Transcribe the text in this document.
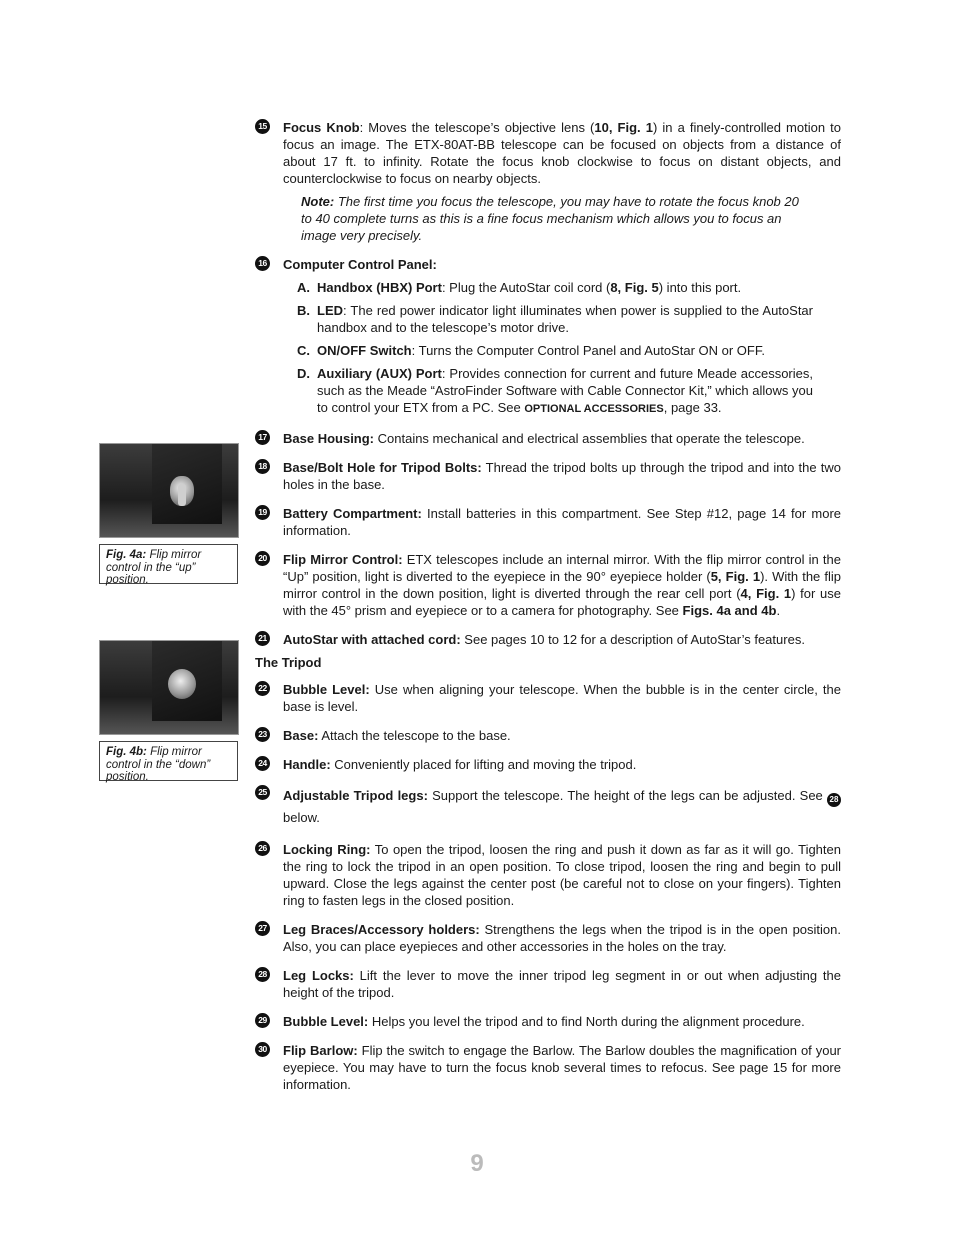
Fig. 4a: Flip mirror control in the “up” position.
Fig. 4b: Flip mirror control in the “down” position.
15 Focus Knob: Moves the telescope’s objective lens (10, Fig. 1) in a finely-controlled motion to focus an image. The ETX-80AT-BB telescope can be focused on objects from a distance of about 17 ft. to infinity. Rotate the focus knob clockwise to focus on distant objects, and counterclockwise to focus on nearby objects.
Note: The first time you focus the telescope, you may have to rotate the focus knob 20 to 40 complete turns as this is a fine focus mechanism which allows you to focus an image very precisely.
16 Computer Control Panel:
A. Handbox (HBX) Port: Plug the AutoStar coil cord (8, Fig. 5) into this port.
B. LED: The red power indicator light illuminates when power is supplied to the AutoStar handbox and to the telescope’s motor drive.
C. ON/OFF Switch: Turns the Computer Control Panel and AutoStar ON or OFF.
D. Auxiliary (AUX) Port: Provides connection for current and future Meade accessories, such as the Meade “AstroFinder Software with Cable Connector Kit,” which allows you to control your ETX from a PC. See OPTIONAL ACCESSORIES, page 33.
17 Base Housing: Contains mechanical and electrical assemblies that operate the telescope.
18 Base/Bolt Hole for Tripod Bolts: Thread the tripod bolts up through the tripod and into the two holes in the base.
19 Battery Compartment: Install batteries in this compartment. See Step #12, page 14 for more information.
20 Flip Mirror Control: ETX telescopes include an internal mirror. With the flip mirror control in the “Up” position, light is diverted to the eyepiece in the 90° eyepiece holder (5, Fig. 1). With the flip mirror control in the down position, light is diverted through the rear cell port (4, Fig. 1) for use with the 45° prism and eyepiece or to a camera for photography. See Figs. 4a and 4b.
21 AutoStar with attached cord: See pages 10 to 12 for a description of AutoStar’s features.
The Tripod
22 Bubble Level: Use when aligning your telescope. When the bubble is in the center circle, the base is level.
23 Base: Attach the telescope to the base.
24 Handle: Conveniently placed for lifting and moving the tripod.
25 Adjustable Tripod legs: Support the telescope. The height of the legs can be adjusted. See 28 below.
26 Locking Ring: To open the tripod, loosen the ring and push it down as far as it will go. Tighten the ring to lock the tripod in an open position. To close tripod, loosen the ring and begin to pull upward. Close the legs against the center post (be careful not to close on your fingers). Tighten ring to fasten legs in the closed position.
27 Leg Braces/Accessory holders: Strengthens the legs when the tripod is in the open position. Also, you can place eyepieces and other accessories in the holes on the tray.
28 Leg Locks: Lift the lever to move the inner tripod leg segment in or out when adjusting the height of the tripod.
29 Bubble Level: Helps you level the tripod and to find North during the alignment procedure.
30 Flip Barlow: Flip the switch to engage the Barlow. The Barlow doubles the magnification of your eyepiece. You may have to turn the focus knob several times to refocus. See page 15 for more information.
9
